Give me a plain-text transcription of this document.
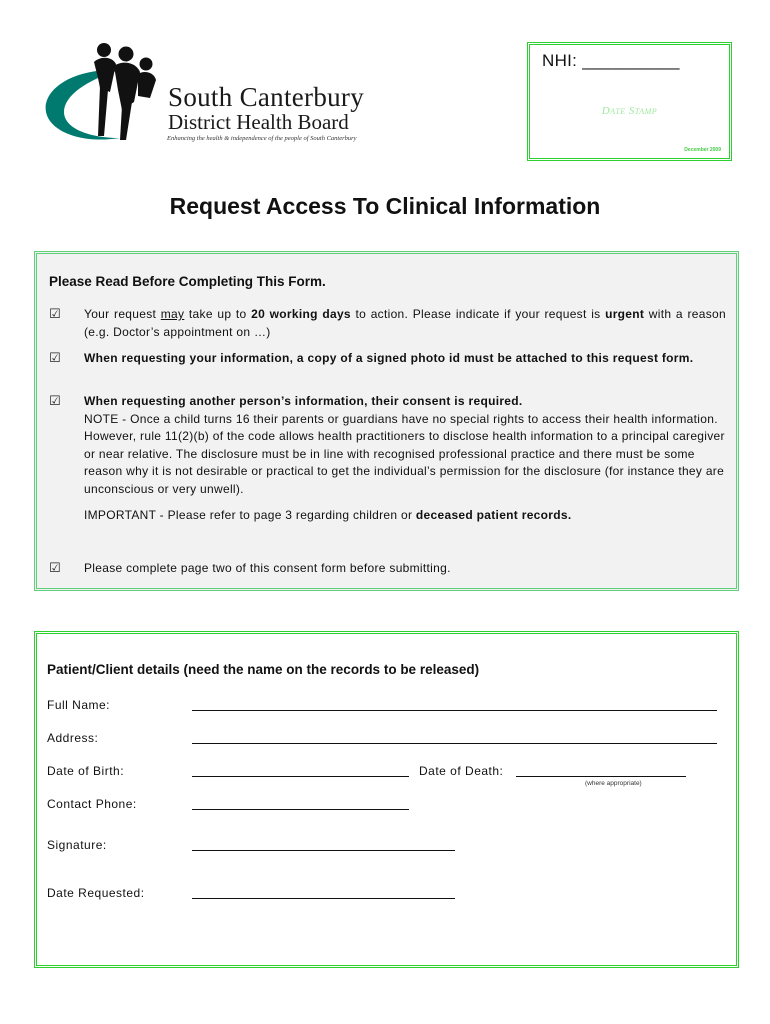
South Canterbury
District Health Board
Enhancing the health & independence of the people of South Canterbury
NHI: __________
Date Stamp
December 2009
Request Access To Clinical Information
Please Read Before Completing This Form.
☑ Your request may take up to 20 working days to action. Please indicate if your request is urgent with a reason (e.g. Doctor’s appointment on …)
☑ When requesting your information, a copy of a signed photo id must be attached to this request form.
☑ When requesting another person’s information, their consent is required.
NOTE - Once a child turns 16 their parents or guardians have no special rights to access their health information.
However, rule 11(2)(b) of the code allows health practitioners to disclose health information to a principal caregiver or near relative. The disclosure must be in line with recognised professional practice and there must be some reason why it is not desirable or practical to get the individual’s permission for the disclosure (for instance they are unconscious or very unwell).
IMPORTANT - Please refer to page 3 regarding children or deceased patient records.
☑ Please complete page two of this consent form before submitting.
Patient/Client details (need the name on the records to be released)
Full Name:
Address:
Date of Birth:	Date of Death:
(where appropriate)
Contact Phone:
Signature:
Date Requested:
